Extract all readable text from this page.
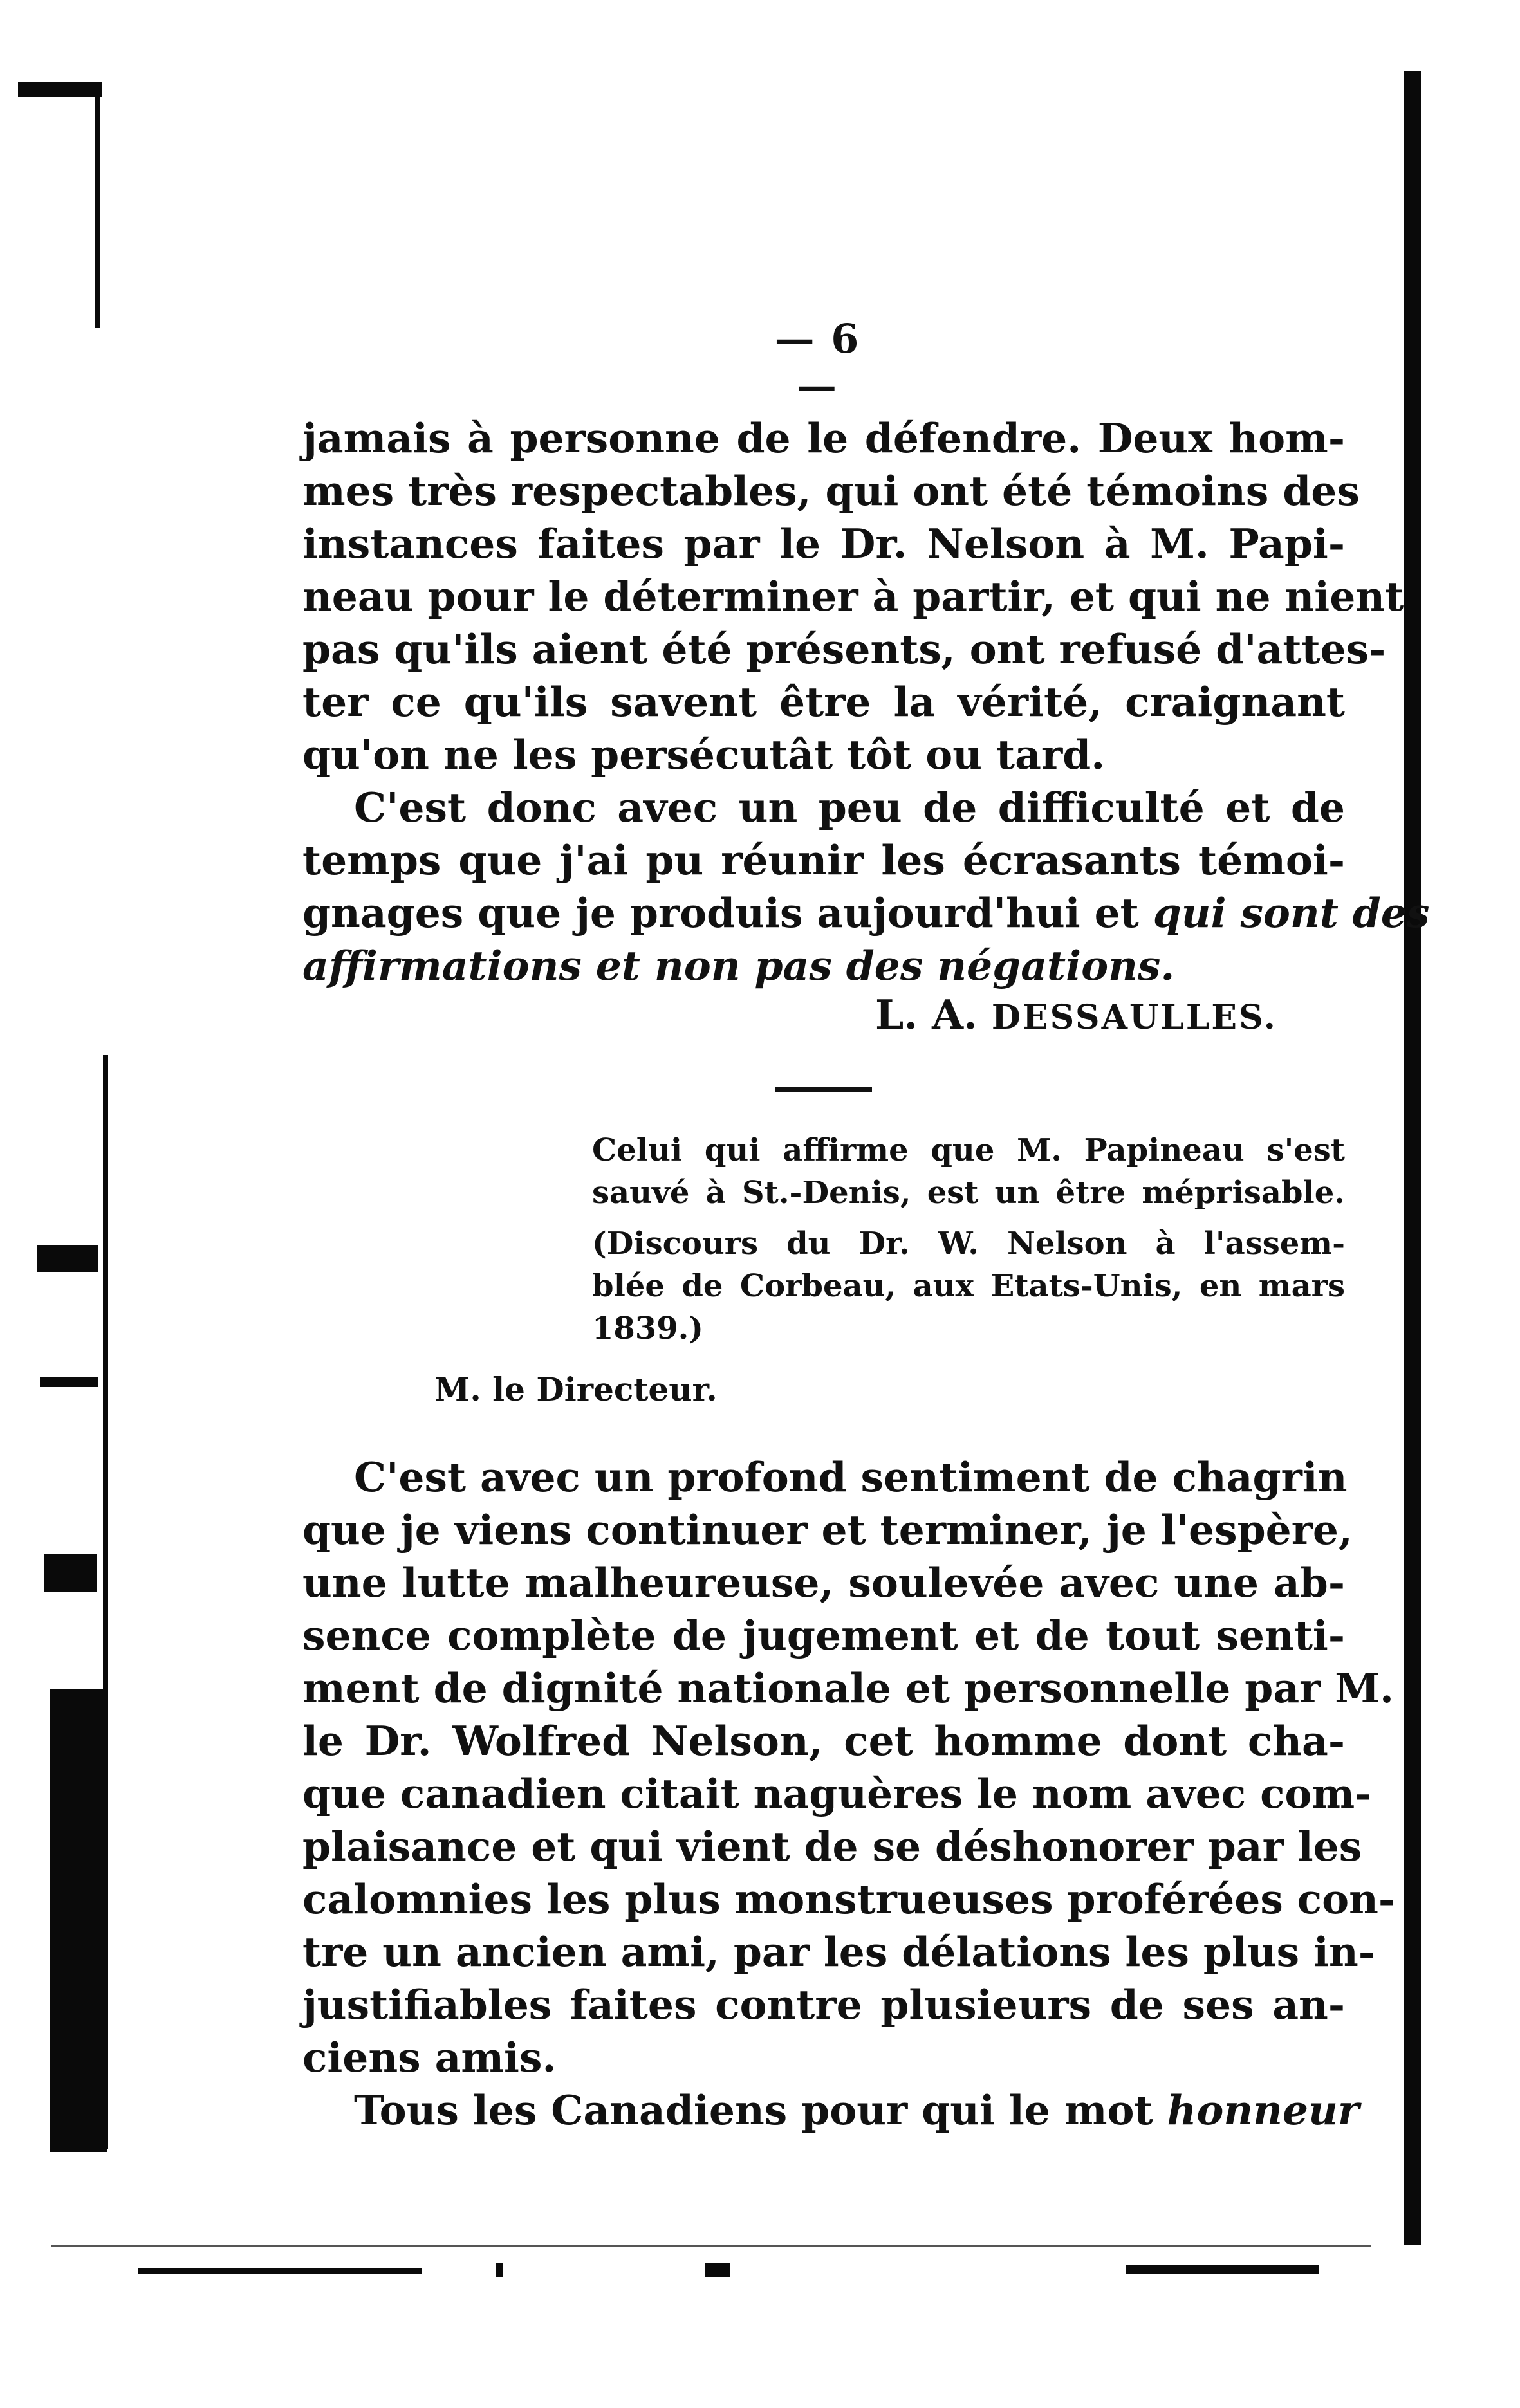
— 6 —
jamais à personne de le défendre. Deux hom-
mes très respectables, qui ont été témoins des
instances faites par le Dr. Nelson à M. Papi-
neau pour le déterminer à partir, et qui ne nient
pas qu'ils aient été présents, ont refusé d'attes-
ter ce qu'ils savent être la vérité, craignant
qu'on ne les persécutât tôt ou tard.
C'est donc avec un peu de difficulté et de
temps que j'ai pu réunir les écrasants témoi-
gnages que je produis aujourd'hui et qui sont des
affirmations et non pas des négations.
L. A. DESSAULLES.
Celui qui affirme que M. Papineau s'est
sauvé à St.-Denis, est un être méprisable.
(Discours du Dr. W. Nelson à l'assem-
blée de Corbeau, aux Etats-Unis, en mars
1839.)
M. le Directeur.
C'est avec un profond sentiment de chagrin
que je viens continuer et terminer, je l'espère,
une lutte malheureuse, soulevée avec une ab-
sence complète de jugement et de tout senti-
ment de dignité nationale et personnelle par M.
le Dr. Wolfred Nelson, cet homme dont cha-
que canadien citait naguères le nom avec com-
plaisance et qui vient de se déshonorer par les
calomnies les plus monstrueuses proférées con-
tre un ancien ami, par les délations les plus in-
justifiables faites contre plusieurs de ses an-
ciens amis.
Tous les Canadiens pour qui le mot honneur
